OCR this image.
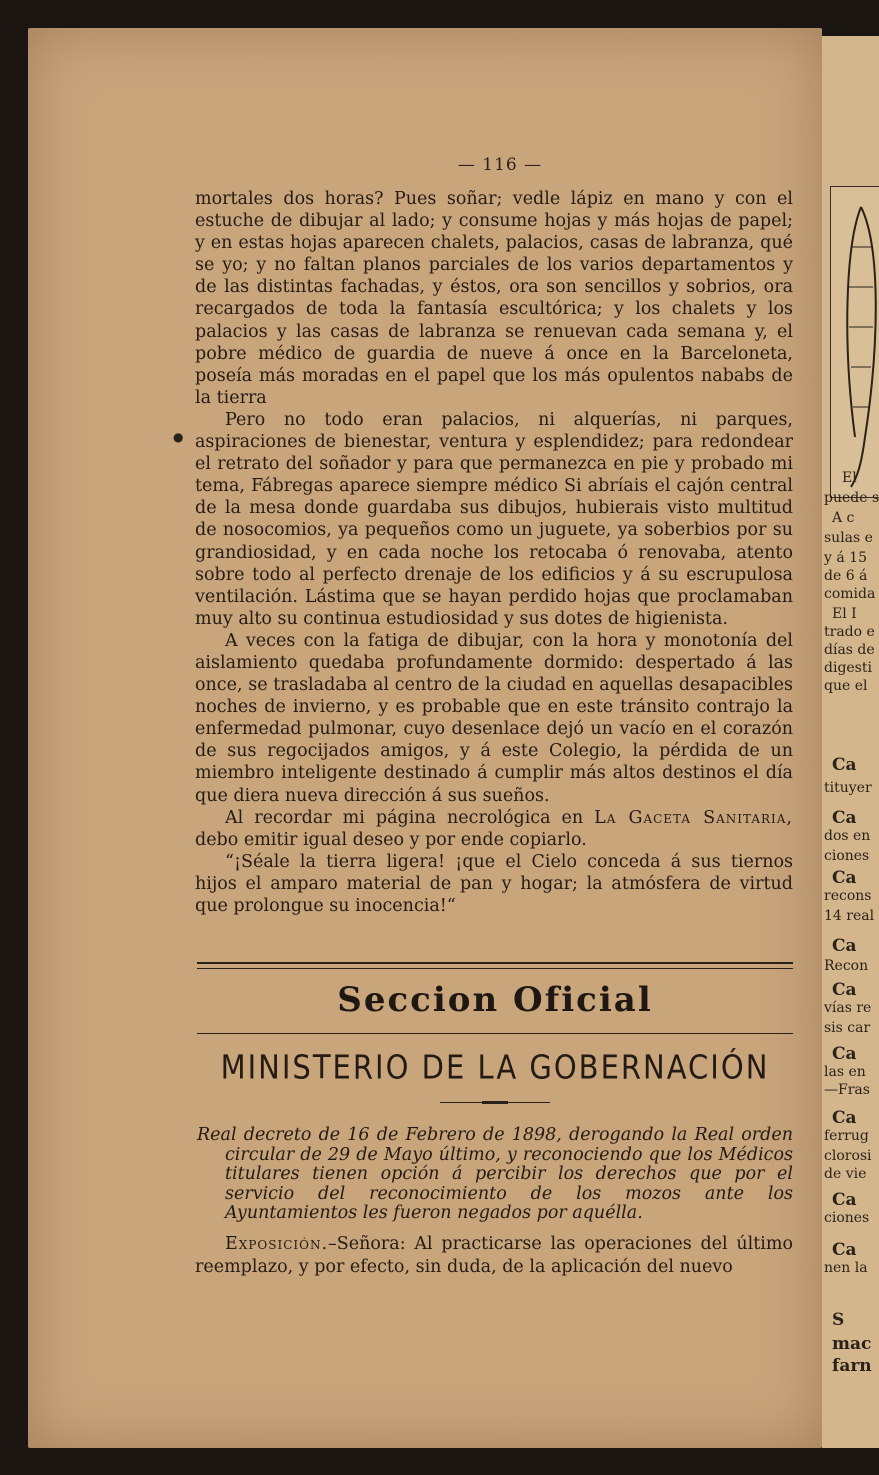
El
puede s
A c
sulas e
y á 15
de 6 á
comida
El I
trado e
días de
digesti
que el
Ca
tituyer
Ca
dos en
ciones
Ca
recons
14 real
Ca
Recon
Ca
vías re
sis car
Ca
las en
—Fras
Ca
ferrug
clorosi
de vie
Ca
ciones
Ca
nen la
S
mac
farn
— 116 —
●

mortales dos horas? Pues soñar; vedle lápiz en mano y con el estuche de dibujar al lado; y consume hojas y más hojas de papel; y en estas hojas aparecen chalets, palacios, casas de labranza, qué se yo; y no faltan planos parciales de los varios departamentos y de las distintas fachadas, y éstos, ora son sencillos y sobrios, ora recargados de toda la fantasía escultórica; y los chalets y los palacios y las casas de labranza se renuevan cada semana y, el pobre médico de guardia de nueve á once en la Barceloneta, poseía más moradas en el papel que los más opulentos nababs de la tierra

Pero no todo eran palacios, ni alquerías, ni parques, aspiraciones de bienestar, ventura y esplendidez; para redondear el retrato del soñador y para que permanezca en pie y probado mi tema, Fábregas aparece siempre médico Si abríais el cajón central de la mesa donde guardaba sus dibujos, hubierais visto multitud de nosocomios, ya pequeños como un juguete, ya soberbios por su grandiosidad, y en cada noche los retocaba ó renovaba, atento sobre todo al perfecto drenaje de los edificios y á su escrupulosa ventilación. Lástima que se hayan perdido hojas que proclamaban muy alto su continua estudiosidad y sus dotes de higienista.

A veces con la fatiga de dibujar, con la hora y monotonía del aislamiento quedaba profundamente dormido: despertado á las once, se trasladaba al centro de la ciudad en aquellas desapacibles noches de invierno, y es probable que en este tránsito contrajo la enfermedad pulmonar, cuyo desenlace dejó un vacío en el corazón de sus regocijados amigos, y á este Colegio, la pérdida de un miembro inteligente destinado á cumplir más altos destinos el día que diera nueva dirección á sus sueños.

Al recordar mi página necrológica en La Gaceta Sanitaria, debo emitir igual deseo y por ende copiarlo.

“¡Séale la tierra ligera! ¡que el Cielo conceda á sus tiernos hijos el amparo material de pan y hogar; la atmósfera de virtud que prolongue su inocencia!“

Seccion Oficial
MINISTERIO DE LA GOBERNACIÓN
Real decreto de 16 de Febrero de 1898, derogando la Real orden circular de 29 de Mayo último, y reconociendo que los Médicos titulares tienen opción á percibir los derechos que por el servicio del reconocimiento de los mozos ante los Ayuntamientos les fueron negados por aquélla.

Exposición.–Señora: Al practicarse las operaciones del último reemplazo, y por efecto, sin duda, de la aplicación del nuevo
